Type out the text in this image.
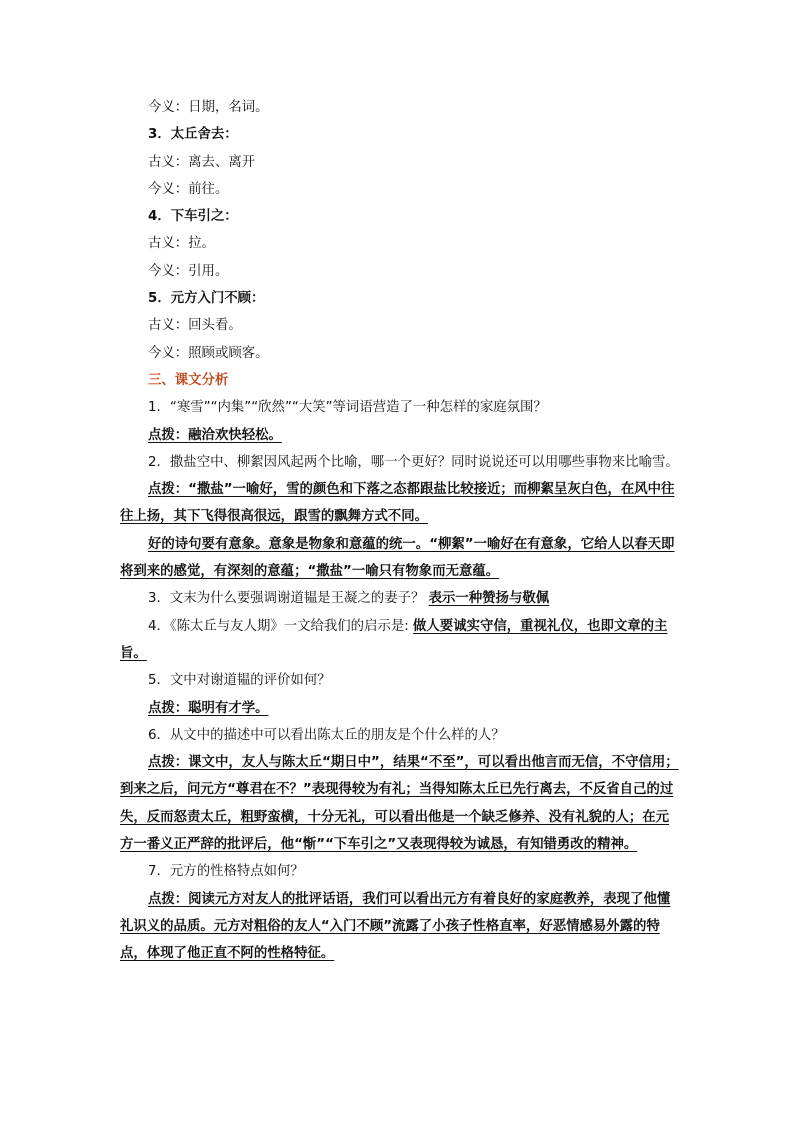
今义：日期，名词。
3．太丘舍去：
古义：离去、离开
今义：前往。
4．下车引之：
古义：拉。
今义：引用。
5．元方入门不顾：
古义：回头看。
今义：照顾或顾客。
三、课文分析
1．“寒雪”“内集”“欣然”“大笑”等词语营造了一种怎样的家庭氛围？
点拨：融洽欢快轻松。
2．撒盐空中、柳絮因风起两个比喻，哪一个更好？同时说说还可以用哪些事物来比喻雪。
点拨：“撒盐”一喻好，雪的颜色和下落之态都跟盐比较接近；而柳絮呈灰白色，在风中往往上扬，其下飞得很高很远，跟雪的飘舞方式不同。
好的诗句要有意象。意象是物象和意蕴的统一。“柳絮”一喻好在有意象，它给人以春天即将到来的感觉，有深刻的意蕴；“撒盐”一喻只有物象而无意蕴。
3．文末为什么要强调谢道韫是王凝之的妻子？ 表示一种赞扬与敬佩
4．《陈太丘与友人期》一文给我们的启示是: 做人要诚实守信，重视礼仪，也即文章的主旨。
5．文中对谢道韫的评价如何？
点拨：聪明有才学。
6．从文中的描述中可以看出陈太丘的朋友是个什么样的人？
点拨：课文中，友人与陈太丘“期日中”，结果“不至”，可以看出他言而无信，不守信用；到来之后，问元方“尊君在不？”表现得较为有礼；当得知陈太丘已先行离去，不反省自己的过失，反而怒责太丘，粗野蛮横，十分无礼，可以看出他是一个缺乏修养、没有礼貌的人；在元方一番义正严辞的批评后，他“惭”“下车引之”又表现得较为诚恳，有知错勇改的精神。
7．元方的性格特点如何？
点拨：阅读元方对友人的批评话语，我们可以看出元方有着良好的家庭教养，表现了他懂礼识义的品质。元方对粗俗的友人“入门不顾”流露了小孩子性格直率，好恶情感易外露的特点，体现了他正直不阿的性格特征。
